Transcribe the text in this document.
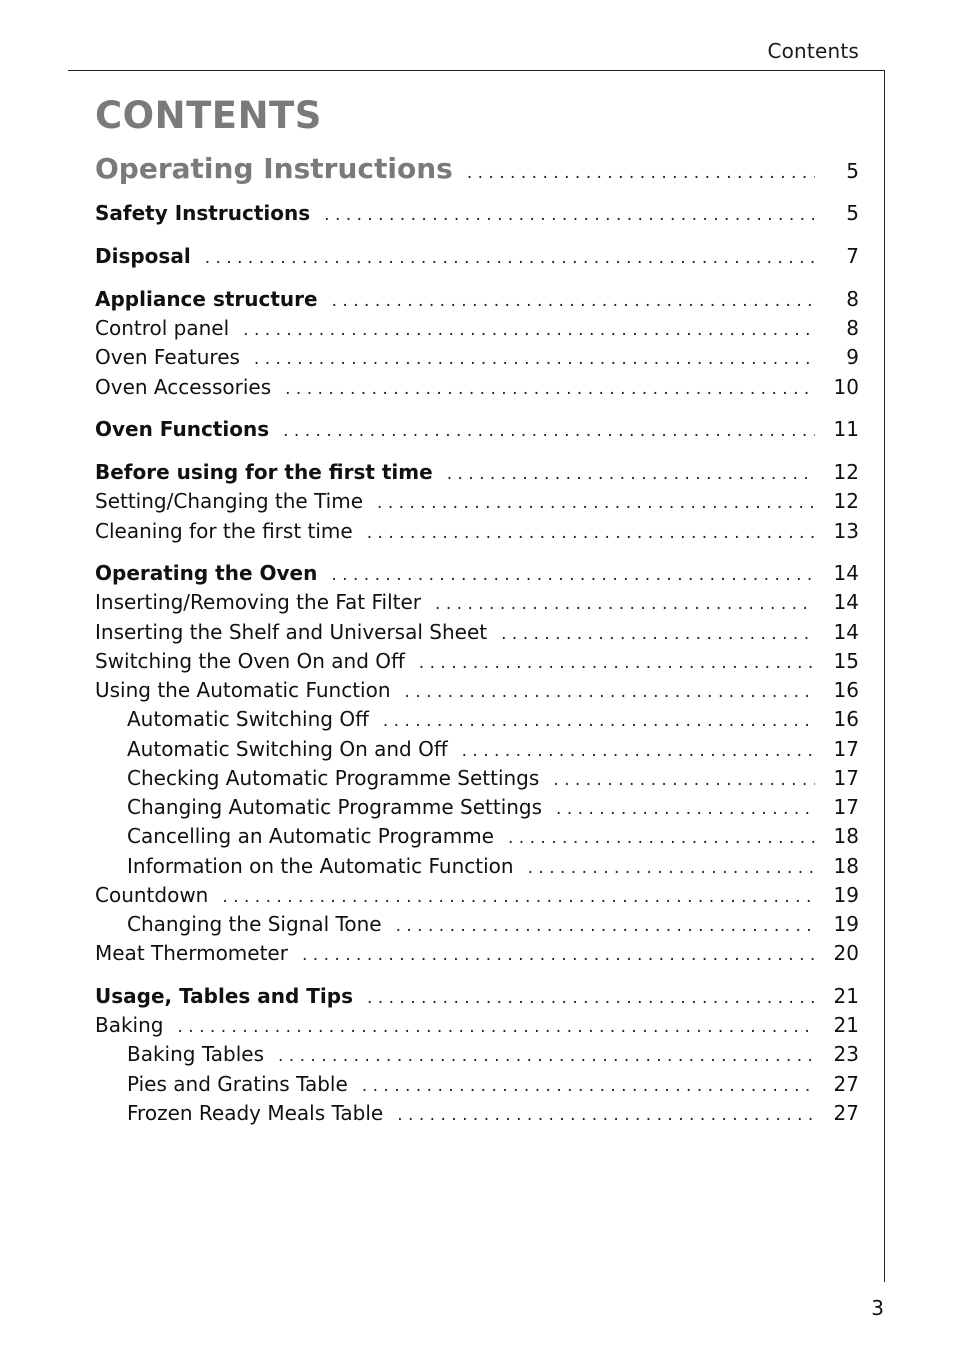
Contents
CONTENTS
Operating Instructions . . .	5
Safety Instructions . . .	5
Disposal . . .	7
Appliance structure . . .	8
Control panel . . .	8
Oven Features . . .	9
Oven Accessories . . .	10
Oven Functions . . .	11
Before using for the first time . . .	12
Setting/Changing the Time . . .	12
Cleaning for the first time . . .	13
Operating the Oven . . .	14
Inserting/Removing the Fat Filter . . .	14
Inserting the Shelf and Universal Sheet . . .	14
Switching the Oven On and Off . . .	15
Using the Automatic Function . . .	16
Automatic Switching Off . . .	16
Automatic Switching On and Off . . .	17
Checking Automatic Programme Settings . . .	17
Changing Automatic Programme Settings . . .	17
Cancelling an Automatic Programme . . .	18
Information on the Automatic Function . . .	18
Countdown . . .	19
Changing the Signal Tone . . .	19
Meat Thermometer . . .	20
Usage, Tables and Tips . . .	21
Baking . . .	21
Baking Tables . . .	23
Pies and Gratins Table . . .	27
Frozen Ready Meals Table . . .	27
3
